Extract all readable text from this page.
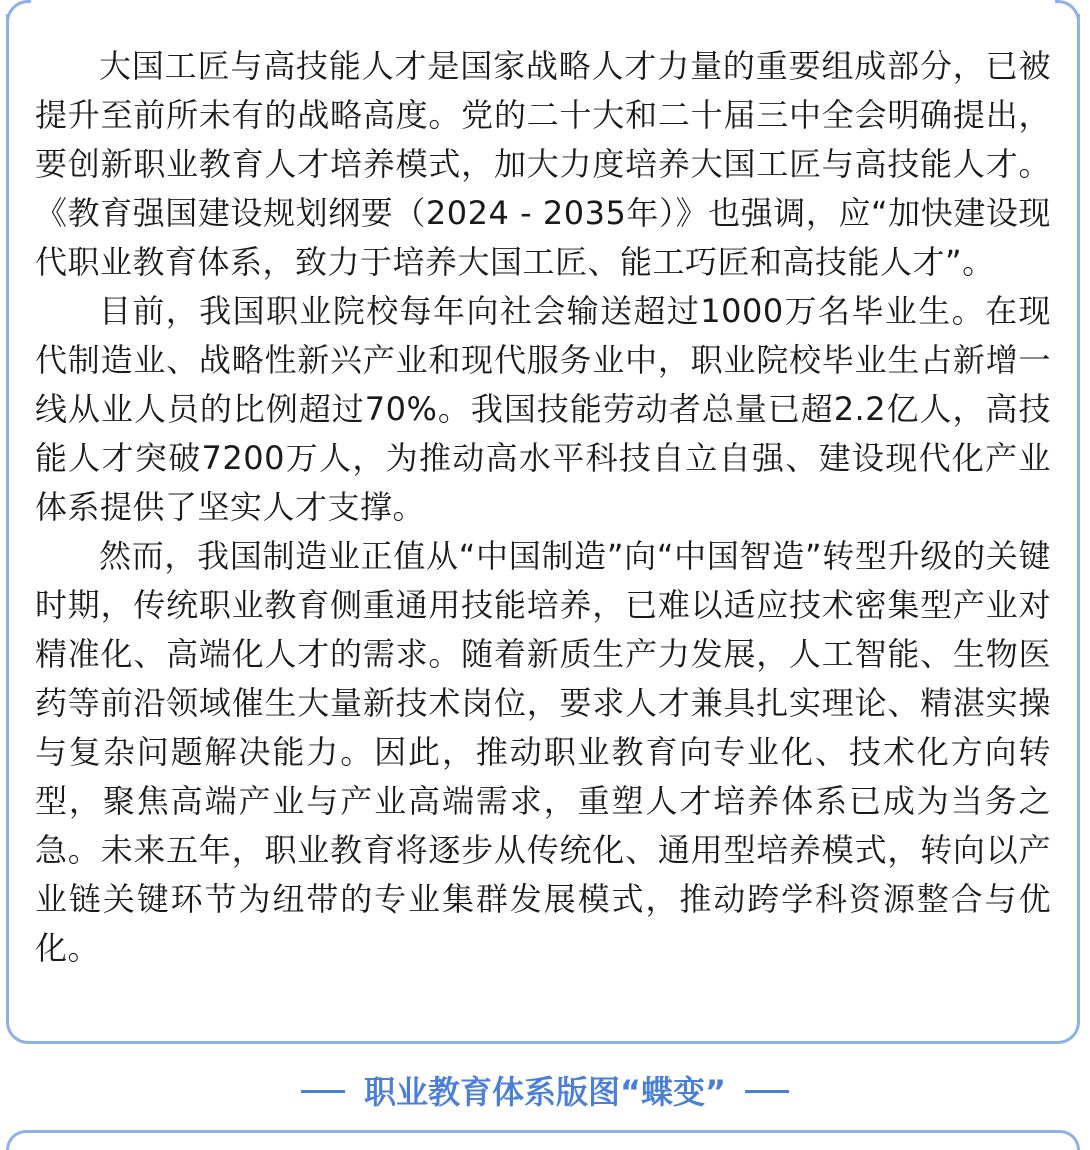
大国工匠与高技能人才是国家战略人才力量的重要组成部分，已被提升至前所未有的战略高度。党的二十大和二十届三中全会明确提出，要创新职业教育人才培养模式，加大力度培养大国工匠与高技能人才。《教育强国建设规划纲要（2024 - 2035年）》也强调，应“加快建设现代职业教育体系，致力于培养大国工匠、能工巧匠和高技能人才”。

目前，我国职业院校每年向社会输送超过1000万名毕业生。在现代制造业、战略性新兴产业和现代服务业中，职业院校毕业生占新增一线从业人员的比例超过70%。我国技能劳动者总量已超2.2亿人，高技能人才突破7200万人，为推动高水平科技自立自强、建设现代化产业体系提供了坚实人才支撑。

然而，我国制造业正值从“中国制造”向“中国智造”转型升级的关键时期，传统职业教育侧重通用技能培养，已难以适应技术密集型产业对精准化、高端化人才的需求。随着新质生产力发展，人工智能、生物医药等前沿领域催生大量新技术岗位，要求人才兼具扎实理论、精湛实操与复杂问题解决能力。因此，推动职业教育向专业化、技术化方向转型，聚焦高端产业与产业高端需求，重塑人才培养体系已成为当务之急。未来五年，职业教育将逐步从传统化、通用型培养模式，转向以产业链关键环节为纽带的专业集群发展模式，推动跨学科资源整合与优化。

职业教育体系版图“蝶变”
